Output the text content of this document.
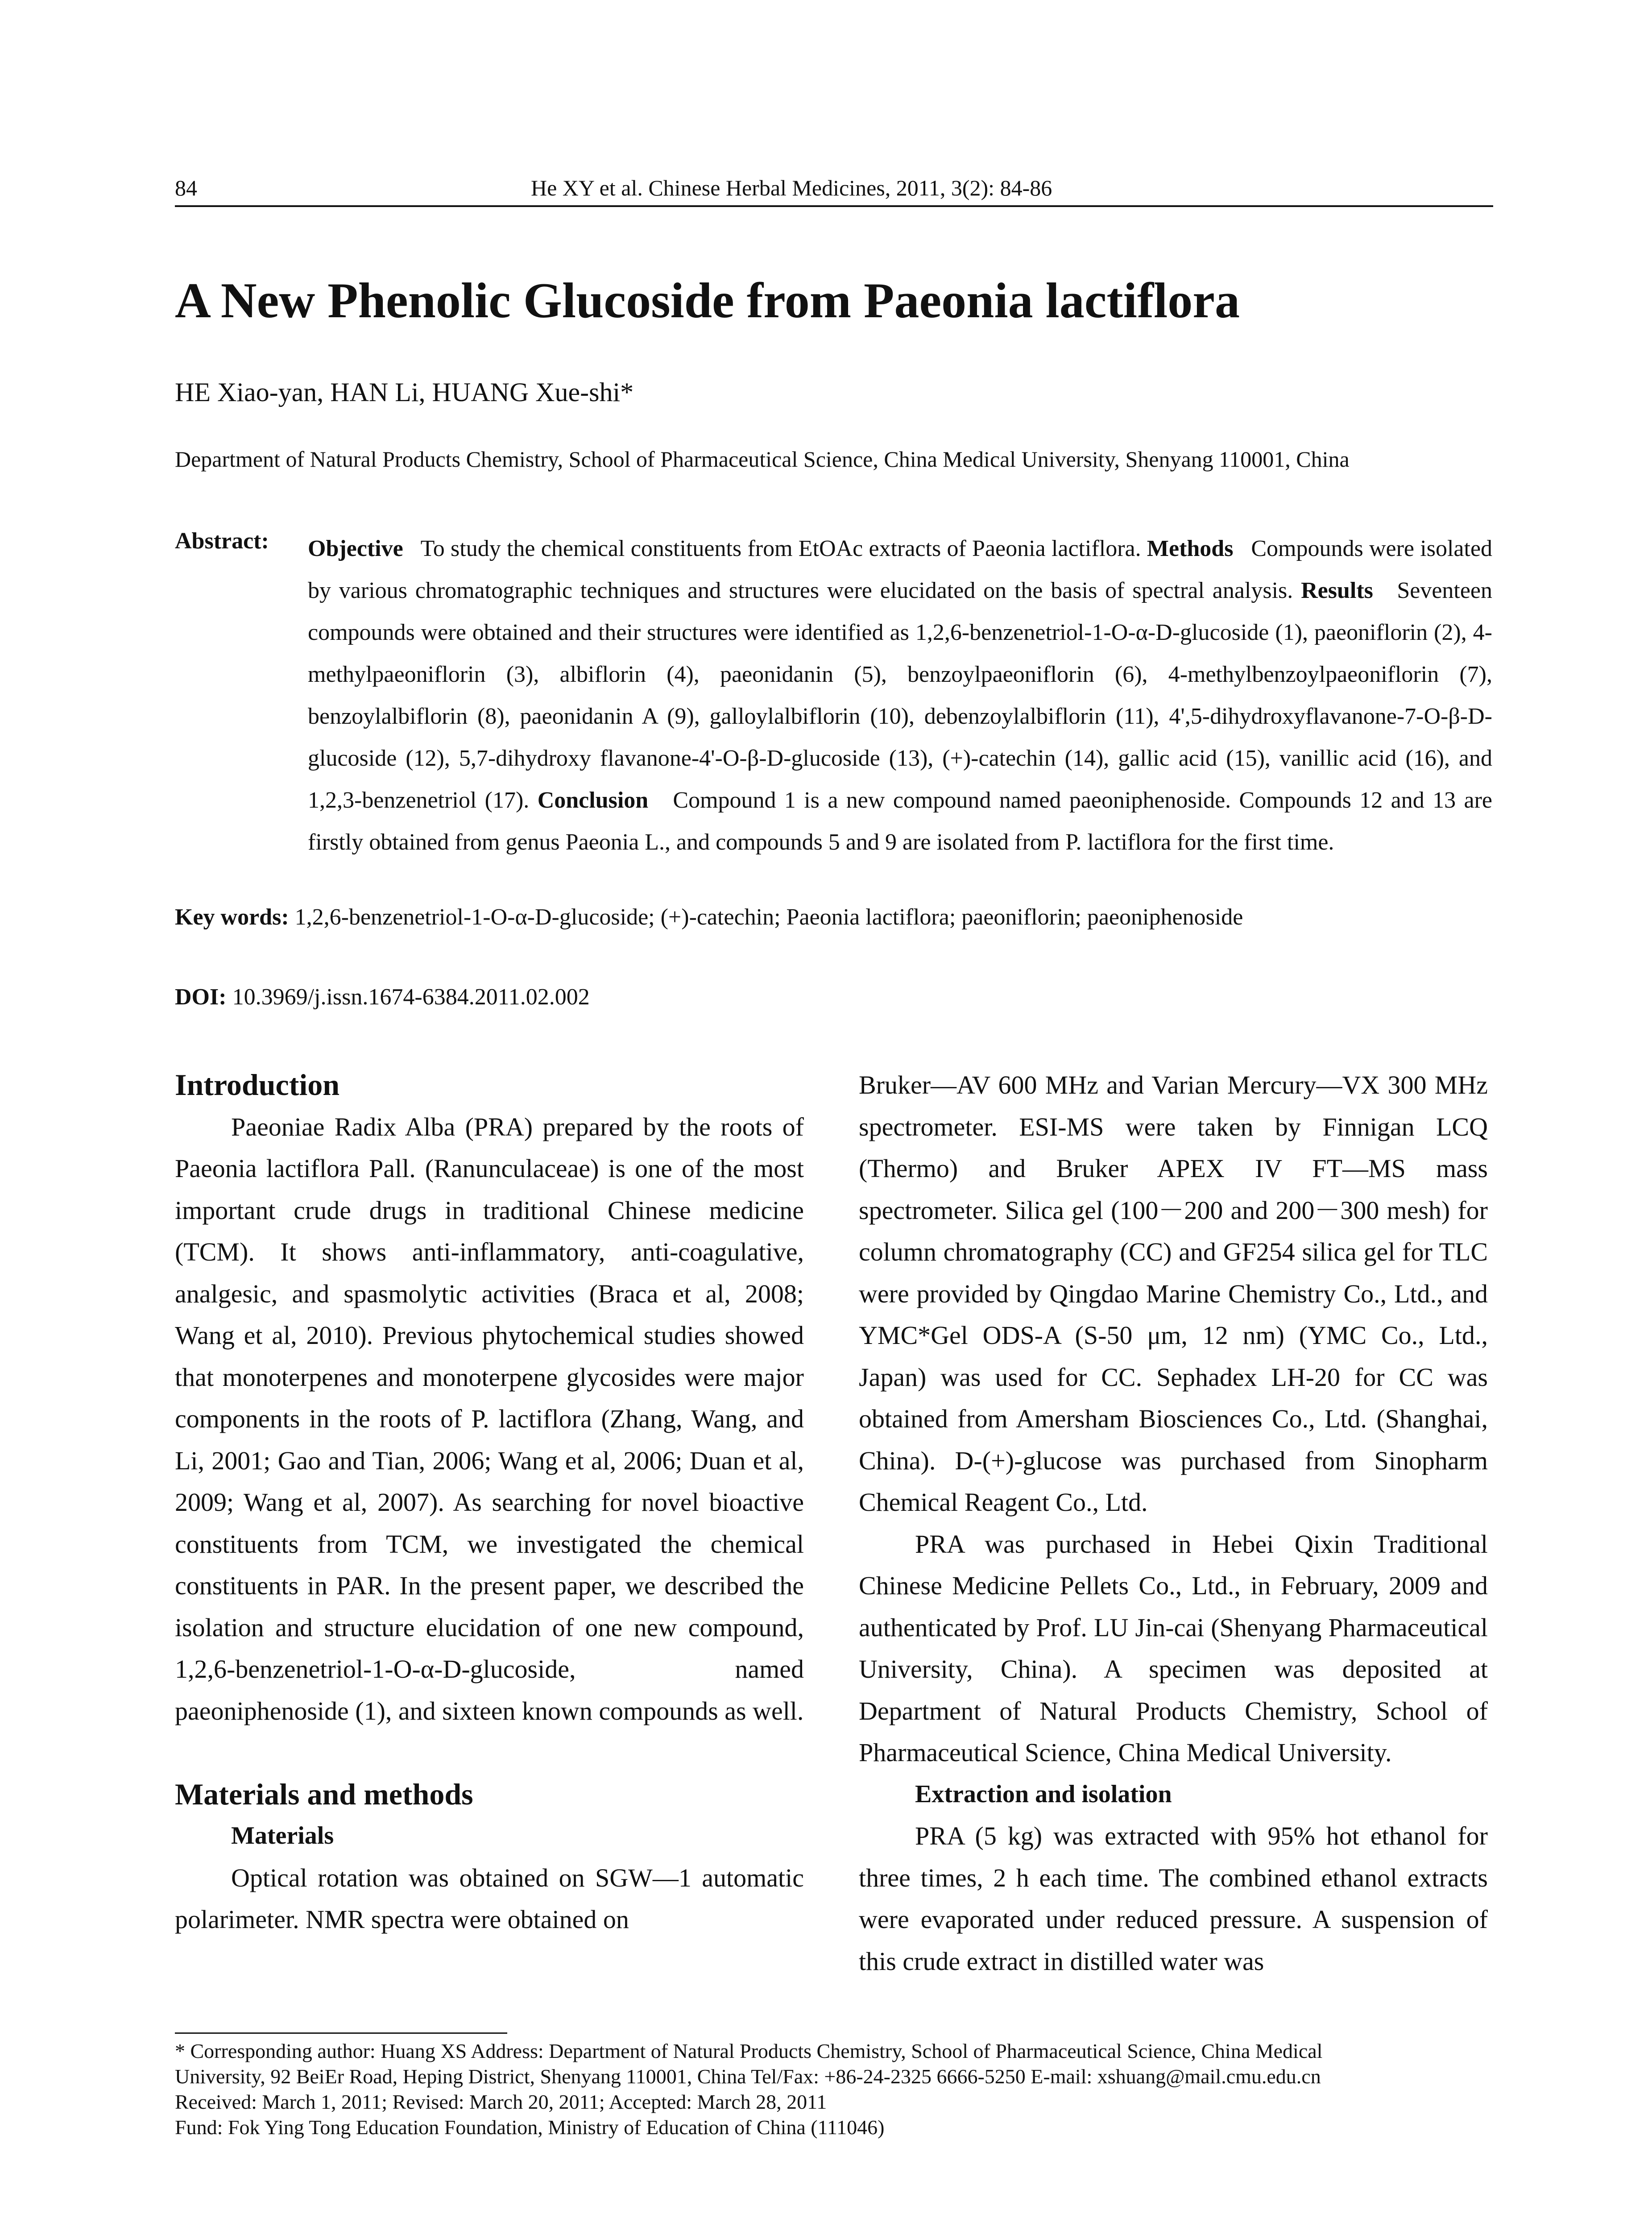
84	He XY et al. Chinese Herbal Medicines, 2011, 3(2): 84-86
A New Phenolic Glucoside from Paeonia lactiflora
HE Xiao-yan, HAN Li, HUANG Xue-shi*
Department of Natural Products Chemistry, School of Pharmaceutical Science, China Medical University, Shenyang 110001, China
Abstract: Objective To study the chemical constituents from EtOAc extracts of Paeonia lactiflora. Methods Compounds were isolated by various chromatographic techniques and structures were elucidated on the basis of spectral analysis. Results Seventeen compounds were obtained and their structures were identified as 1,2,6-benzenetriol-1-O-α-D-glucoside (1), paeoniflorin (2), 4-methylpaeoniflorin (3), albiflorin (4), paeonidanin (5), benzoylpaeoniflorin (6), 4-methylbenzoylpaeoniflorin (7), benzoylalbiflorin (8), paeonidanin A (9), galloylalbiflorin (10), debenzoylalbiflorin (11), 4',5-dihydroxyflavanone-7-O-β-D-glucoside (12), 5,7-dihydroxy flavanone-4'-O-β-D-glucoside (13), (+)-catechin (14), gallic acid (15), vanillic acid (16), and 1,2,3-benzenetriol (17). Conclusion Compound 1 is a new compound named paeoniphenoside. Compounds 12 and 13 are firstly obtained from genus Paeonia L., and compounds 5 and 9 are isolated from P. lactiflora for the first time.
Key words: 1,2,6-benzenetriol-1-O-α-D-glucoside; (+)-catechin; Paeonia lactiflora; paeoniflorin; paeoniphenoside
DOI: 10.3969/j.issn.1674-6384.2011.02.002
Introduction

Paeoniae Radix Alba (PRA) prepared by the roots of Paeonia lactiflora Pall. (Ranunculaceae) is one of the most important crude drugs in traditional Chinese medicine (TCM). It shows anti-inflammatory, anti-coagulative, analgesic, and spasmolytic activities (Braca et al, 2008; Wang et al, 2010). Previous phytochemical studies showed that monoterpenes and monoterpene glycosides were major components in the roots of P. lactiflora (Zhang, Wang, and Li, 2001; Gao and Tian, 2006; Wang et al, 2006; Duan et al, 2009; Wang et al, 2007). As searching for novel bioactive constituents from TCM, we investigated the chemical constituents in PAR. In the present paper, we described the isolation and structure elucidation of one new compound, 1,2,6-benzenetriol-1-O-α-D-glucoside, named paeoniphenoside (1), and sixteen known compounds as well.

Materials and methods
Materials

Optical rotation was obtained on SGW—1 automatic polarimeter. NMR spectra were obtained on

Bruker—AV 600 MHz and Varian Mercury—VX 300 MHz spectrometer. ESI-MS were taken by Finnigan LCQ (Thermo) and Bruker APEX IV FT—MS mass spectrometer. Silica gel (100－200 and 200－300 mesh) for column chromatography (CC) and GF254 silica gel for TLC were provided by Qingdao Marine Chemistry Co., Ltd., and YMC*Gel ODS-A (S-50 μm, 12 nm) (YMC Co., Ltd., Japan) was used for CC. Sephadex LH-20 for CC was obtained from Amersham Biosciences Co., Ltd. (Shanghai, China). D-(+)-glucose was purchased from Sinopharm Chemical Reagent Co., Ltd.

PRA was purchased in Hebei Qixin Traditional Chinese Medicine Pellets Co., Ltd., in February, 2009 and authenticated by Prof. LU Jin-cai (Shenyang Pharmaceutical University, China). A specimen was deposited at Department of Natural Products Chemistry, School of Pharmaceutical Science, China Medical University.

Extraction and isolation

PRA (5 kg) was extracted with 95% hot ethanol for three times, 2 h each time. The combined ethanol extracts were evaporated under reduced pressure. A suspension of this crude extract in distilled water was

* Corresponding author: Huang XS Address: Department of Natural Products Chemistry, School of Pharmaceutical Science, China Medical
University, 92 BeiEr Road, Heping District, Shenyang 110001, China Tel/Fax: +86-24-2325 6666-5250 E-mail: xshuang@mail.cmu.edu.cn
Received: March 1, 2011; Revised: March 20, 2011; Accepted: March 28, 2011
Fund: Fok Ying Tong Education Foundation, Ministry of Education of China (111046)
